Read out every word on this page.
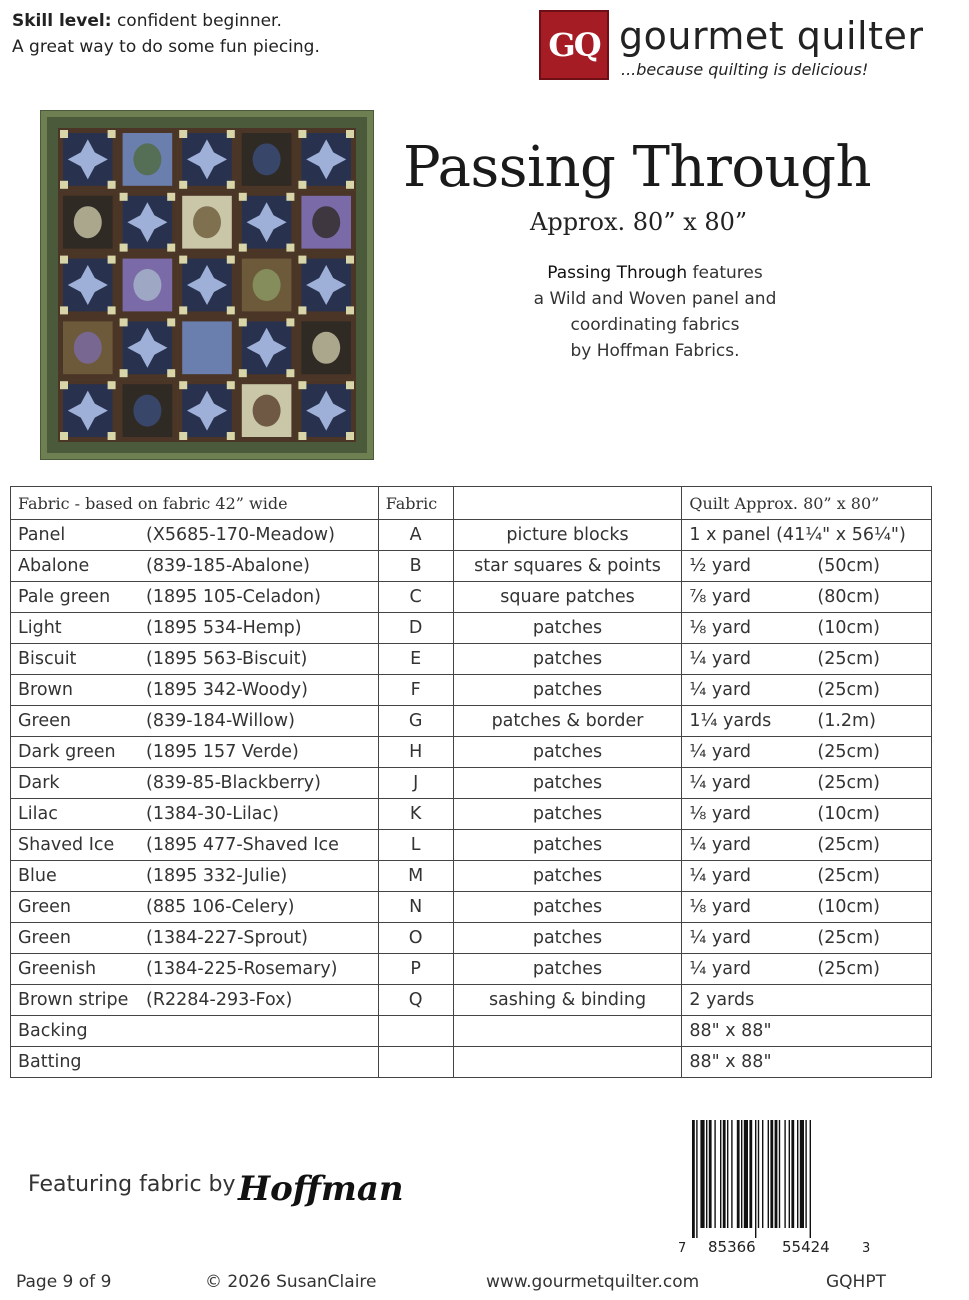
Skill level: confident beginner.
A great way to do some fun piecing.	GQ gourmet quilter
...because quilting is delicious!
Passing Through
Approx. 80” x 80”
Passing Through features
a Wild and Woven panel and
coordinating fabrics
by Hoffman Fabrics.
Fabric - based on fabric 42” wide	Fabric		Quilt Approx. 80” x 80”
Panel (X5685-170-Meadow)	A	picture blocks	1 x panel (41¼" x 56¼")
Abalone (839-185-Abalone)	B	star squares & points	½ yard (50cm)
Pale green (1895 105-Celadon)	C	square patches	⅞ yard (80cm)
Light (1895 534-Hemp)	D	patches	⅛ yard (10cm)
Biscuit (1895 563-Biscuit)	E	patches	¼ yard (25cm)
Brown (1895 342-Woody)	F	patches	¼ yard (25cm)
Green (839-184-Willow)	G	patches & border	1¼ yards (1.2m)
Dark green (1895 157 Verde)	H	patches	¼ yard (25cm)
Dark (839-85-Blackberry)	J	patches	¼ yard (25cm)
Lilac (1384-30-Lilac)	K	patches	⅛ yard (10cm)
Shaved Ice (1895 477-Shaved Ice	L	patches	¼ yard (25cm)
Blue (1895 332-Julie)	M	patches	¼ yard (25cm)
Green (885 106-Celery)	N	patches	⅛ yard (10cm)
Green (1384-227-Sprout)	O	patches	¼ yard (25cm)
Greenish (1384-225-Rosemary)	P	patches	¼ yard (25cm)
Brown stripe (R2284-293-Fox)	Q	sashing & binding	2 yards
Backing			88" x 88"
Batting			88" x 88"
7 85366 55424 3
Featuring fabric by Hoffman
Page 9 of 9	© 2026 SusanClaire	www.gourmetquilter.com	GQHPT
